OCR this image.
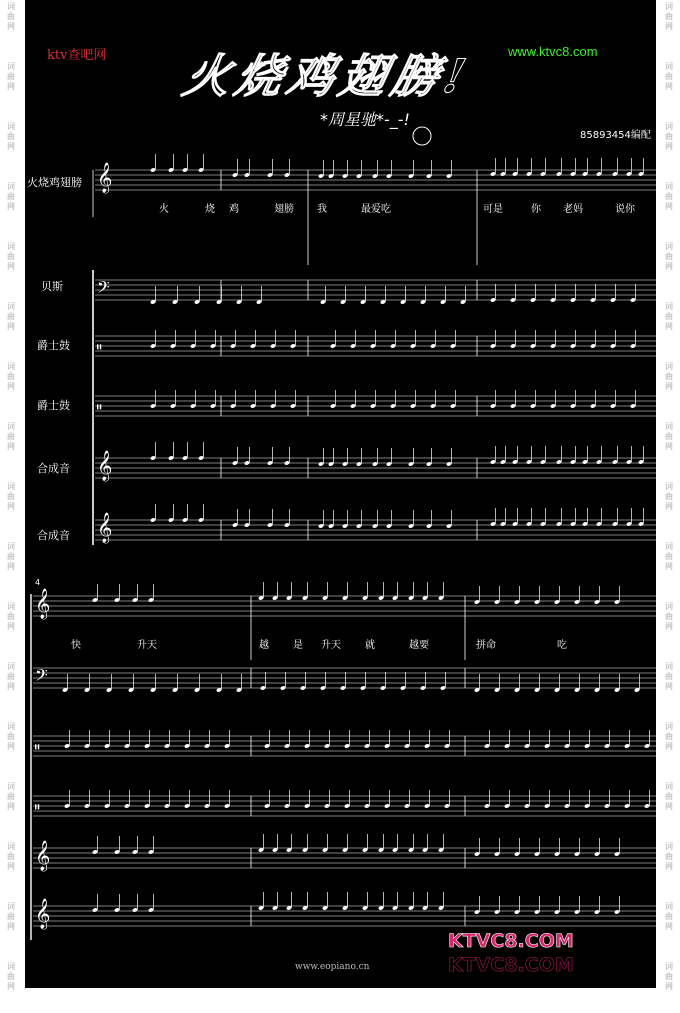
词
曲
网
词
曲
网
词
曲
网
词
曲
网
词
曲
网
词
曲
网
词
曲
网
词
曲
网
词
曲
网
词
曲
网
词
曲
网
词
曲
网
词
曲
网
词
曲
网
词
曲
网
词
曲
网
词
曲
网
词
曲
网
词
曲
网
词
曲
网
词
曲
网
词
曲
网
词
曲
网
词
曲
网
词
曲
网
词
曲
网
词
曲
网
词
曲
网
词
曲
网
词
曲
网
词
曲
网
词
曲
网
词
曲
网
词
曲
网
ktv查吧网 火烧鸡翅膀! www.ktvc8.com
*周星驰*-_-!
85893454编配
火烧鸡翅膀
贝斯
爵士鼓
爵士鼓
合成音
合成音
火	烧 鸡	翅膀 我	最爱吃	可是	你 老妈	说你
4
快	升天	越 是 升天 就	越要	拼命	吃
𝄞
𝄢
𝄥
𝄥
𝄞
𝄞
𝄞
𝄢
𝄥
𝄥
𝄞
𝄞
www.eopiano.cn
KTVC8.COM
KTVC8.COM
